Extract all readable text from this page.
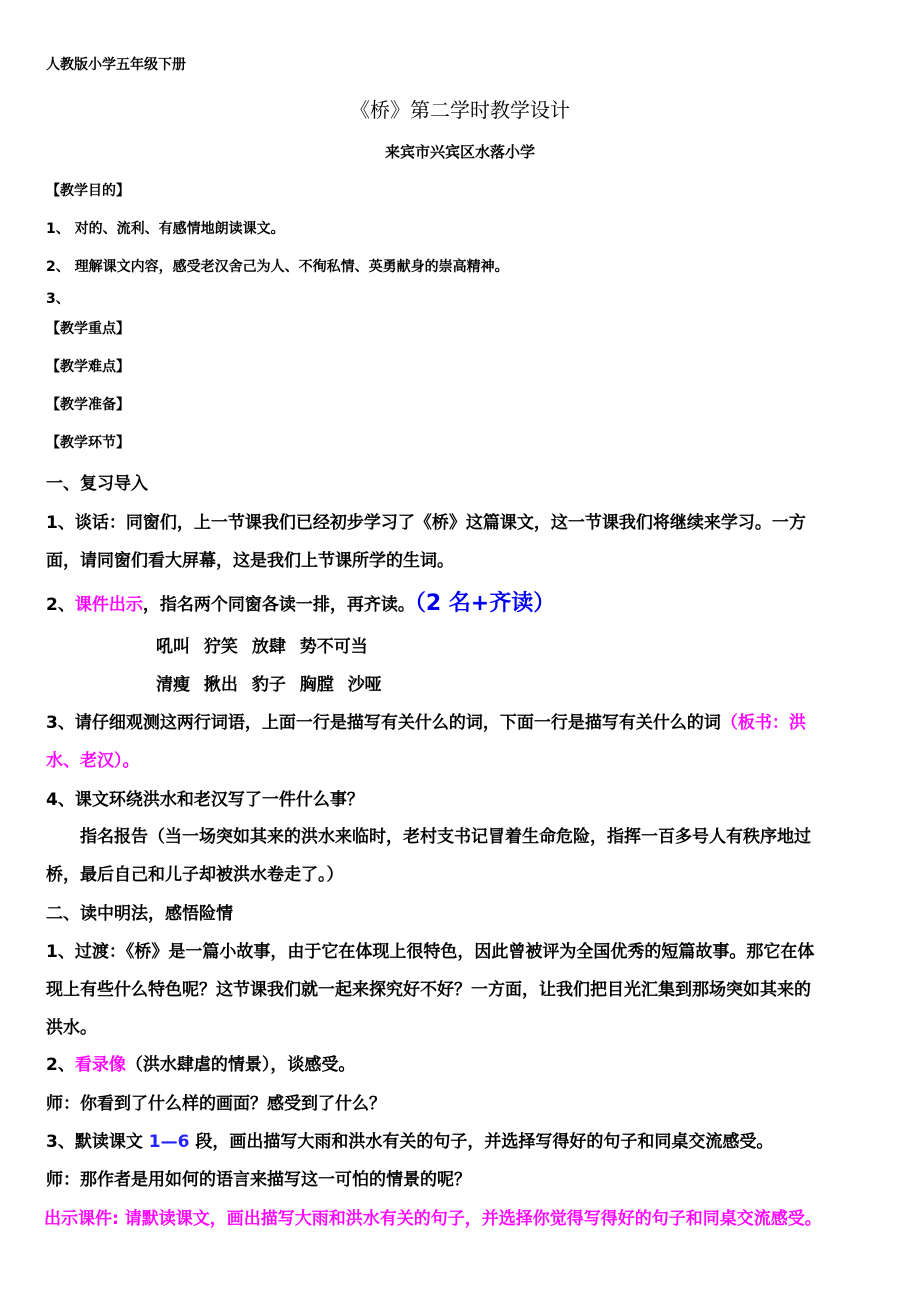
人教版小学五年级下册
《桥》第二学时教学设计
来宾市兴宾区水落小学
【教学目的】
1、 对的、流利、有感情地朗读课文。
2、 理解课文内容，感受老汉舍己为人、不徇私情、英勇献身的崇高精神。
3、
【教学重点】
【教学难点】
【教学准备】
【教学环节】
一、复习导入
1、谈话：同窗们，上一节课我们已经初步学习了《桥》这篇课文，这一节课我们将继续来学习。一方
面，请同窗们看大屏幕，这是我们上节课所学的生词。
2、课件出示，指名两个同窗各读一排，再齐读。（2 名+齐读）
吼叫 狞笑 放肆 势不可当
清瘦 揪出 豹子 胸膛 沙哑
3、请仔细观测这两行词语，上面一行是描写有关什么的词，下面一行是描写有关什么的词（板书：洪
水、老汉）。
4、课文环绕洪水和老汉写了一件什么事？
指名报告（当一场突如其来的洪水来临时，老村支书记冒着生命危险，指挥一百多号人有秩序地过
桥，最后自己和儿子却被洪水卷走了。）
二、读中明法，感悟险情
1、过渡：《桥》是一篇小故事，由于它在体现上很特色，因此曾被评为全国优秀的短篇故事。那它在体
现上有些什么特色呢？这节课我们就一起来探究好不好？一方面，让我们把目光汇集到那场突如其来的
洪水。
2、看录像（洪水肆虐的情景），谈感受。
师：你看到了什么样的画面？感受到了什么？
3、默读课文 1—6 段，画出描写大雨和洪水有关的句子，并选择写得好的句子和同桌交流感受。
师：那作者是用如何的语言来描写这一可怕的情景的呢？
出示课件: 请默读课文，画出描写大雨和洪水有关的句子，并选择你觉得写得好的句子和同桌交流感受。
